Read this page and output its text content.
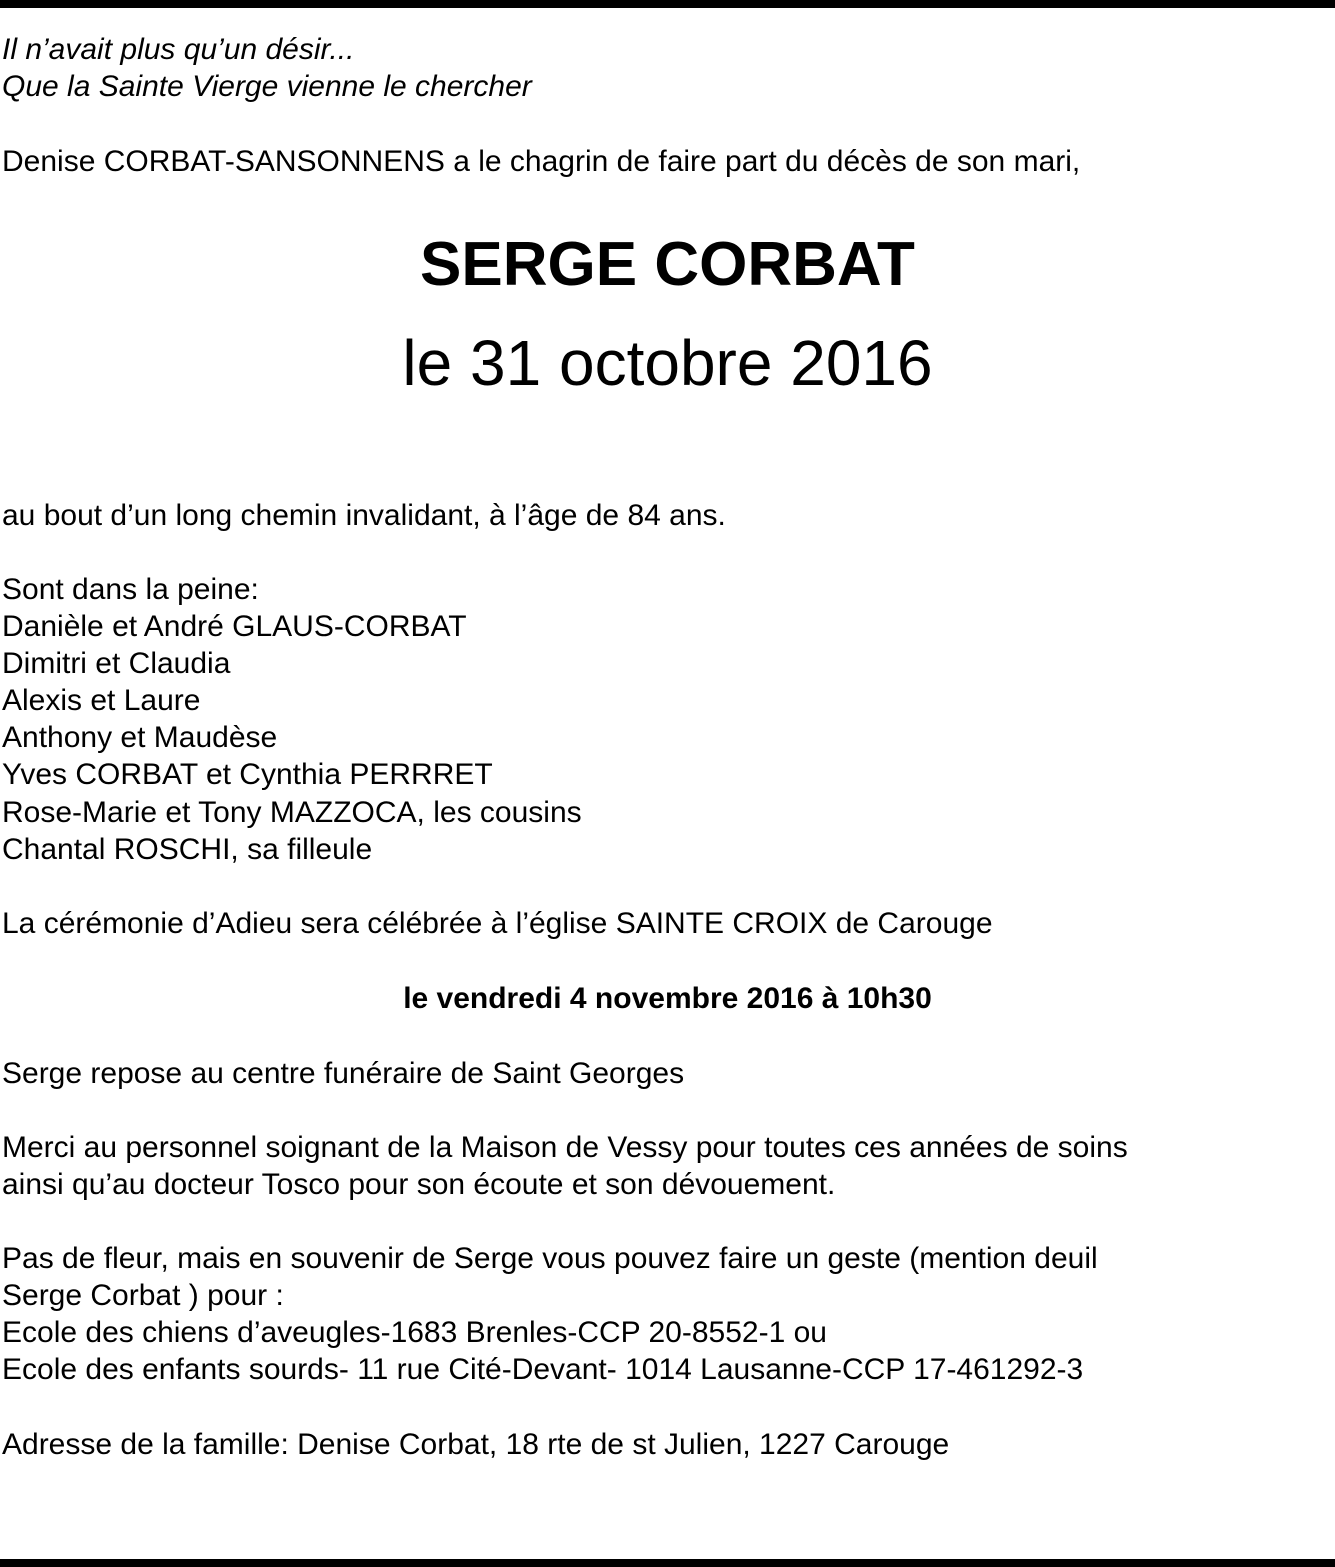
Il n’avait plus qu’un désir...

Que la Sainte Vierge vienne le chercher

Denise CORBAT-SANSONNENS a le chagrin de faire part du décès de son mari,

SERGE CORBAT

le 31 octobre 2016

au bout d’un long chemin invalidant, à l’âge de 84 ans.

Sont dans la peine:

Danièle et André GLAUS-CORBAT

Dimitri et Claudia

Alexis et Laure

Anthony et Maudèse

Yves CORBAT et Cynthia PERRRET

Rose-Marie et Tony MAZZOCA, les cousins

Chantal ROSCHI, sa filleule

La cérémonie d’Adieu sera célébrée à l’église SAINTE CROIX de Carouge

le vendredi 4 novembre 2016 à 10h30

Serge repose au centre funéraire de Saint Georges

Merci au personnel soignant de la Maison de Vessy pour toutes ces années de soins

ainsi qu’au docteur Tosco pour son écoute et son dévouement.

Pas de fleur, mais en souvenir de Serge vous pouvez faire un geste (mention deuil

Serge Corbat ) pour :

Ecole des chiens d’aveugles-1683 Brenles-CCP 20-8552-1 ou

Ecole des enfants sourds- 11 rue Cité-Devant- 1014 Lausanne-CCP 17-461292-3

Adresse de la famille: Denise Corbat, 18 rte de st Julien, 1227 Carouge
